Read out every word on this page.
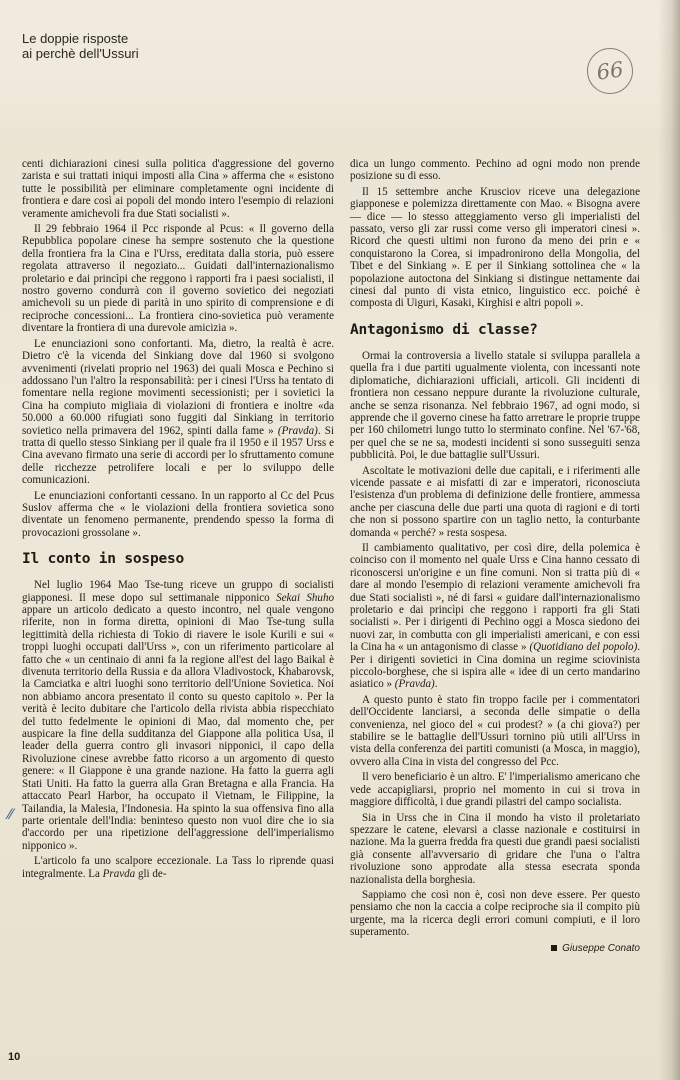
Le doppie risposte
ai perchè dell'Ussuri
66

centi dichiarazioni cinesi sulla politica d'aggressione del governo zarista e sui trattati iniqui imposti alla Cina » afferma che « esistono tutte le possibilità per eliminare completamente ogni incidente di frontiera e dare così ai popoli del mondo intero l'esempio di relazioni veramente amichevoli fra due Stati socialisti ».

Il 29 febbraio 1964 il Pcc risponde al Pcus: « Il governo della Repubblica popolare cinese ha sempre sostenuto che la questione della frontiera fra la Cina e l'Urss, ereditata dalla storia, può essere regolata attraverso il negoziato... Guidati dall'internazionalismo proletario e dai princìpi che reggono i rapporti fra i paesi socialisti, il nostro governo condurrà con il governo sovietico dei negoziati amichevoli su un piede di parità in uno spirito di comprensione e di reciproche concessioni... La frontiera cino-sovietica può veramente diventare la frontiera di una durevole amicizia ».

Le enunciazioni sono confortanti. Ma, dietro, la realtà è acre. Dietro c'è la vicenda del Sinkiang dove dal 1960 si svolgono avvenimenti (rivelati proprio nel 1963) dei quali Mosca e Pechino si addossano l'un l'altro la responsabilità: per i cinesi l'Urss ha tentato di fomentare nella regione movimenti secessionisti; per i sovietici la Cina ha compiuto migliaia di violazioni di frontiera e inoltre «da 50.000 a 60.000 rifugiati sono fuggiti dal Sinkiang in territorio sovietico nella primavera del 1962, spinti dalla fame » (Pravda). Si tratta di quello stesso Sinkiang per il quale fra il 1950 e il 1957 Urss e Cina avevano firmato una serie di accordi per lo sfruttamento comune delle ricchezze petrolifere locali e per lo sviluppo delle comunicazioni.

Le enunciazioni confortanti cessano. In un rapporto al Cc del Pcus Suslov afferma che « le violazioni della frontiera sovietica sono diventate un fenomeno permanente, prendendo spesso la forma di provocazioni grossolane ».

Il conto in sospeso

Nel luglio 1964 Mao Tse-tung riceve un gruppo di socialisti giapponesi. Il mese dopo sul settimanale nipponico Sekai Shuho appare un articolo dedicato a questo incontro, nel quale vengono riferite, non in forma diretta, opinioni di Mao Tse-tung sulla legittimità della richiesta di Tokio di riavere le isole Kurili e sui « troppi luoghi occupati dall'Urss », con un riferimento particolare al fatto che « un centinaio di anni fa la regione all'est del lago Baikal è divenuta territorio della Russia e da allora Vladivostock, Khabarovsk, la Camciatka e altri luoghi sono territorio dell'Unione Sovietica. Noi non abbiamo ancora presentato il conto su questo capitolo ». Per la verità è lecito dubitare che l'articolo della rivista abbia rispecchiato del tutto fedelmente le opinioni di Mao, dal momento che, per auspicare la fine della sudditanza del Giappone alla politica Usa, il leader della guerra contro gli invasori nipponici, il capo della Rivoluzione cinese avrebbe fatto ricorso a un argomento di questo genere: « Il Giappone è una grande nazione. Ha fatto la guerra agli Stati Uniti. Ha fatto la guerra alla Gran Bretagna e alla Francia. Ha attaccato Pearl Harbor, ha occupato il Vietnam, le Filippine, la Tailandia, la Malesia, l'Indonesia. Ha spinto la sua offensiva fino alla parte orientale dell'India: beninteso questo non vuol dire che io sia d'accordo per una ripetizione dell'aggressione dell'imperialismo nipponico ».

L'articolo fa uno scalpore eccezionale. La Tass lo riprende quasi integralmente. La Pravda gli de-

dica un lungo commento. Pechino ad ogni modo non prende posizione su di esso.

Il 15 settembre anche Krusciov riceve una delegazione giapponese e polemizza direttamente con Mao. « Bisogna avere — dice — lo stesso atteggiamento verso gli imperialisti del passato, verso gli zar russi come verso gli imperatori cinesi ». Ricord che questi ultimi non furono da meno dei prin e « conquistarono la Corea, si impadronirono della Mongolia, del Tibet e del Sinkiang ». E per il Sinkiang sottolinea che « la popolazione autoctona del Sinkiang si distingue nettamente dai cinesi dal punto di vista etnico, linguistico ecc. poiché è composta di Uiguri, Kasaki, Kirghisi e altri popoli ».

Antagonismo di classe?

Ormai la controversia a livello statale si sviluppa parallela a quella fra i due partiti ugualmente violenta, con incessanti note diplomatiche, dichiarazioni ufficiali, articoli. Gli incidenti di frontiera non cessano neppure durante la rivoluzione culturale, anche se senza risonanza. Nel febbraio 1967, ad ogni modo, si apprende che il governo cinese ha fatto arretrare le proprie truppe per 160 chilometri lungo tutto lo sterminato confine. Nel '67-'68, per quel che se ne sa, modesti incidenti si sono susseguiti senza pubblicità. Poi, le due battaglie sull'Ussuri.

Ascoltate le motivazioni delle due capitali, e i riferimenti alle vicende passate e ai misfatti di zar e imperatori, riconosciuta l'esistenza d'un problema di definizione delle frontiere, ammessa anche per ciascuna delle due parti una quota di ragioni e di torti che non si possono spartire con un taglio netto, la conturbante domanda « perché? » resta sospesa.

Il cambiamento qualitativo, per così dire, della polemica è coinciso con il momento nel quale Urss e Cina hanno cessato di riconoscersi un'origine e un fine comuni. Non si tratta più di « dare al mondo l'esempio di relazioni veramente amichevoli fra due Stati socialisti », né di farsi « guidare dall'internazionalismo proletario e dai princìpi che reggono i rapporti fra gli Stati socialisti ». Per i dirigenti di Pechino oggi a Mosca siedono dei nuovi zar, in combutta con gli imperialisti americani, e con essi la Cina ha « un antagonismo di classe » (Quotidiano del popolo). Per i dirigenti sovietici in Cina domina un regime sciovinista piccolo-borghese, che si ispira alle « idee di un certo mandarino asiatico » (Pravda).

A questo punto è stato fin troppo facile per i commentatori dell'Occidente lanciarsi, a seconda delle simpatie o della convenienza, nel gioco del « cui prodest? » (a chi giova?) per stabilire se le battaglie dell'Ussuri tornino più utili all'Urss in vista della conferenza dei partiti comunisti (a Mosca, in maggio), ovvero alla Cina in vista del congresso del Pcc.

Il vero beneficiario è un altro. E' l'imperialismo americano che vede accapigliarsi, proprio nel momento in cui si trova in maggiore difficoltà, i due grandi pilastri del campo socialista.

Sia in Urss che in Cina il mondo ha visto il proletariato spezzare le catene, elevarsi a classe nazionale e costituirsi in nazione. Ma la guerra fredda fra questi due grandi paesi socialisti già consente all'avversario di gridare che l'una o l'altra rivoluzione sono approdate alla stessa esecrata sponda nazionalista della borghesia.

Sappiamo che così non è, così non deve essere. Per questo pensiamo che non la caccia a colpe reciproche sia il compito più urgente, ma la ricerca degli errori comuni compiuti, e il loro superamento.

Giuseppe Conato
⁄⁄
10
